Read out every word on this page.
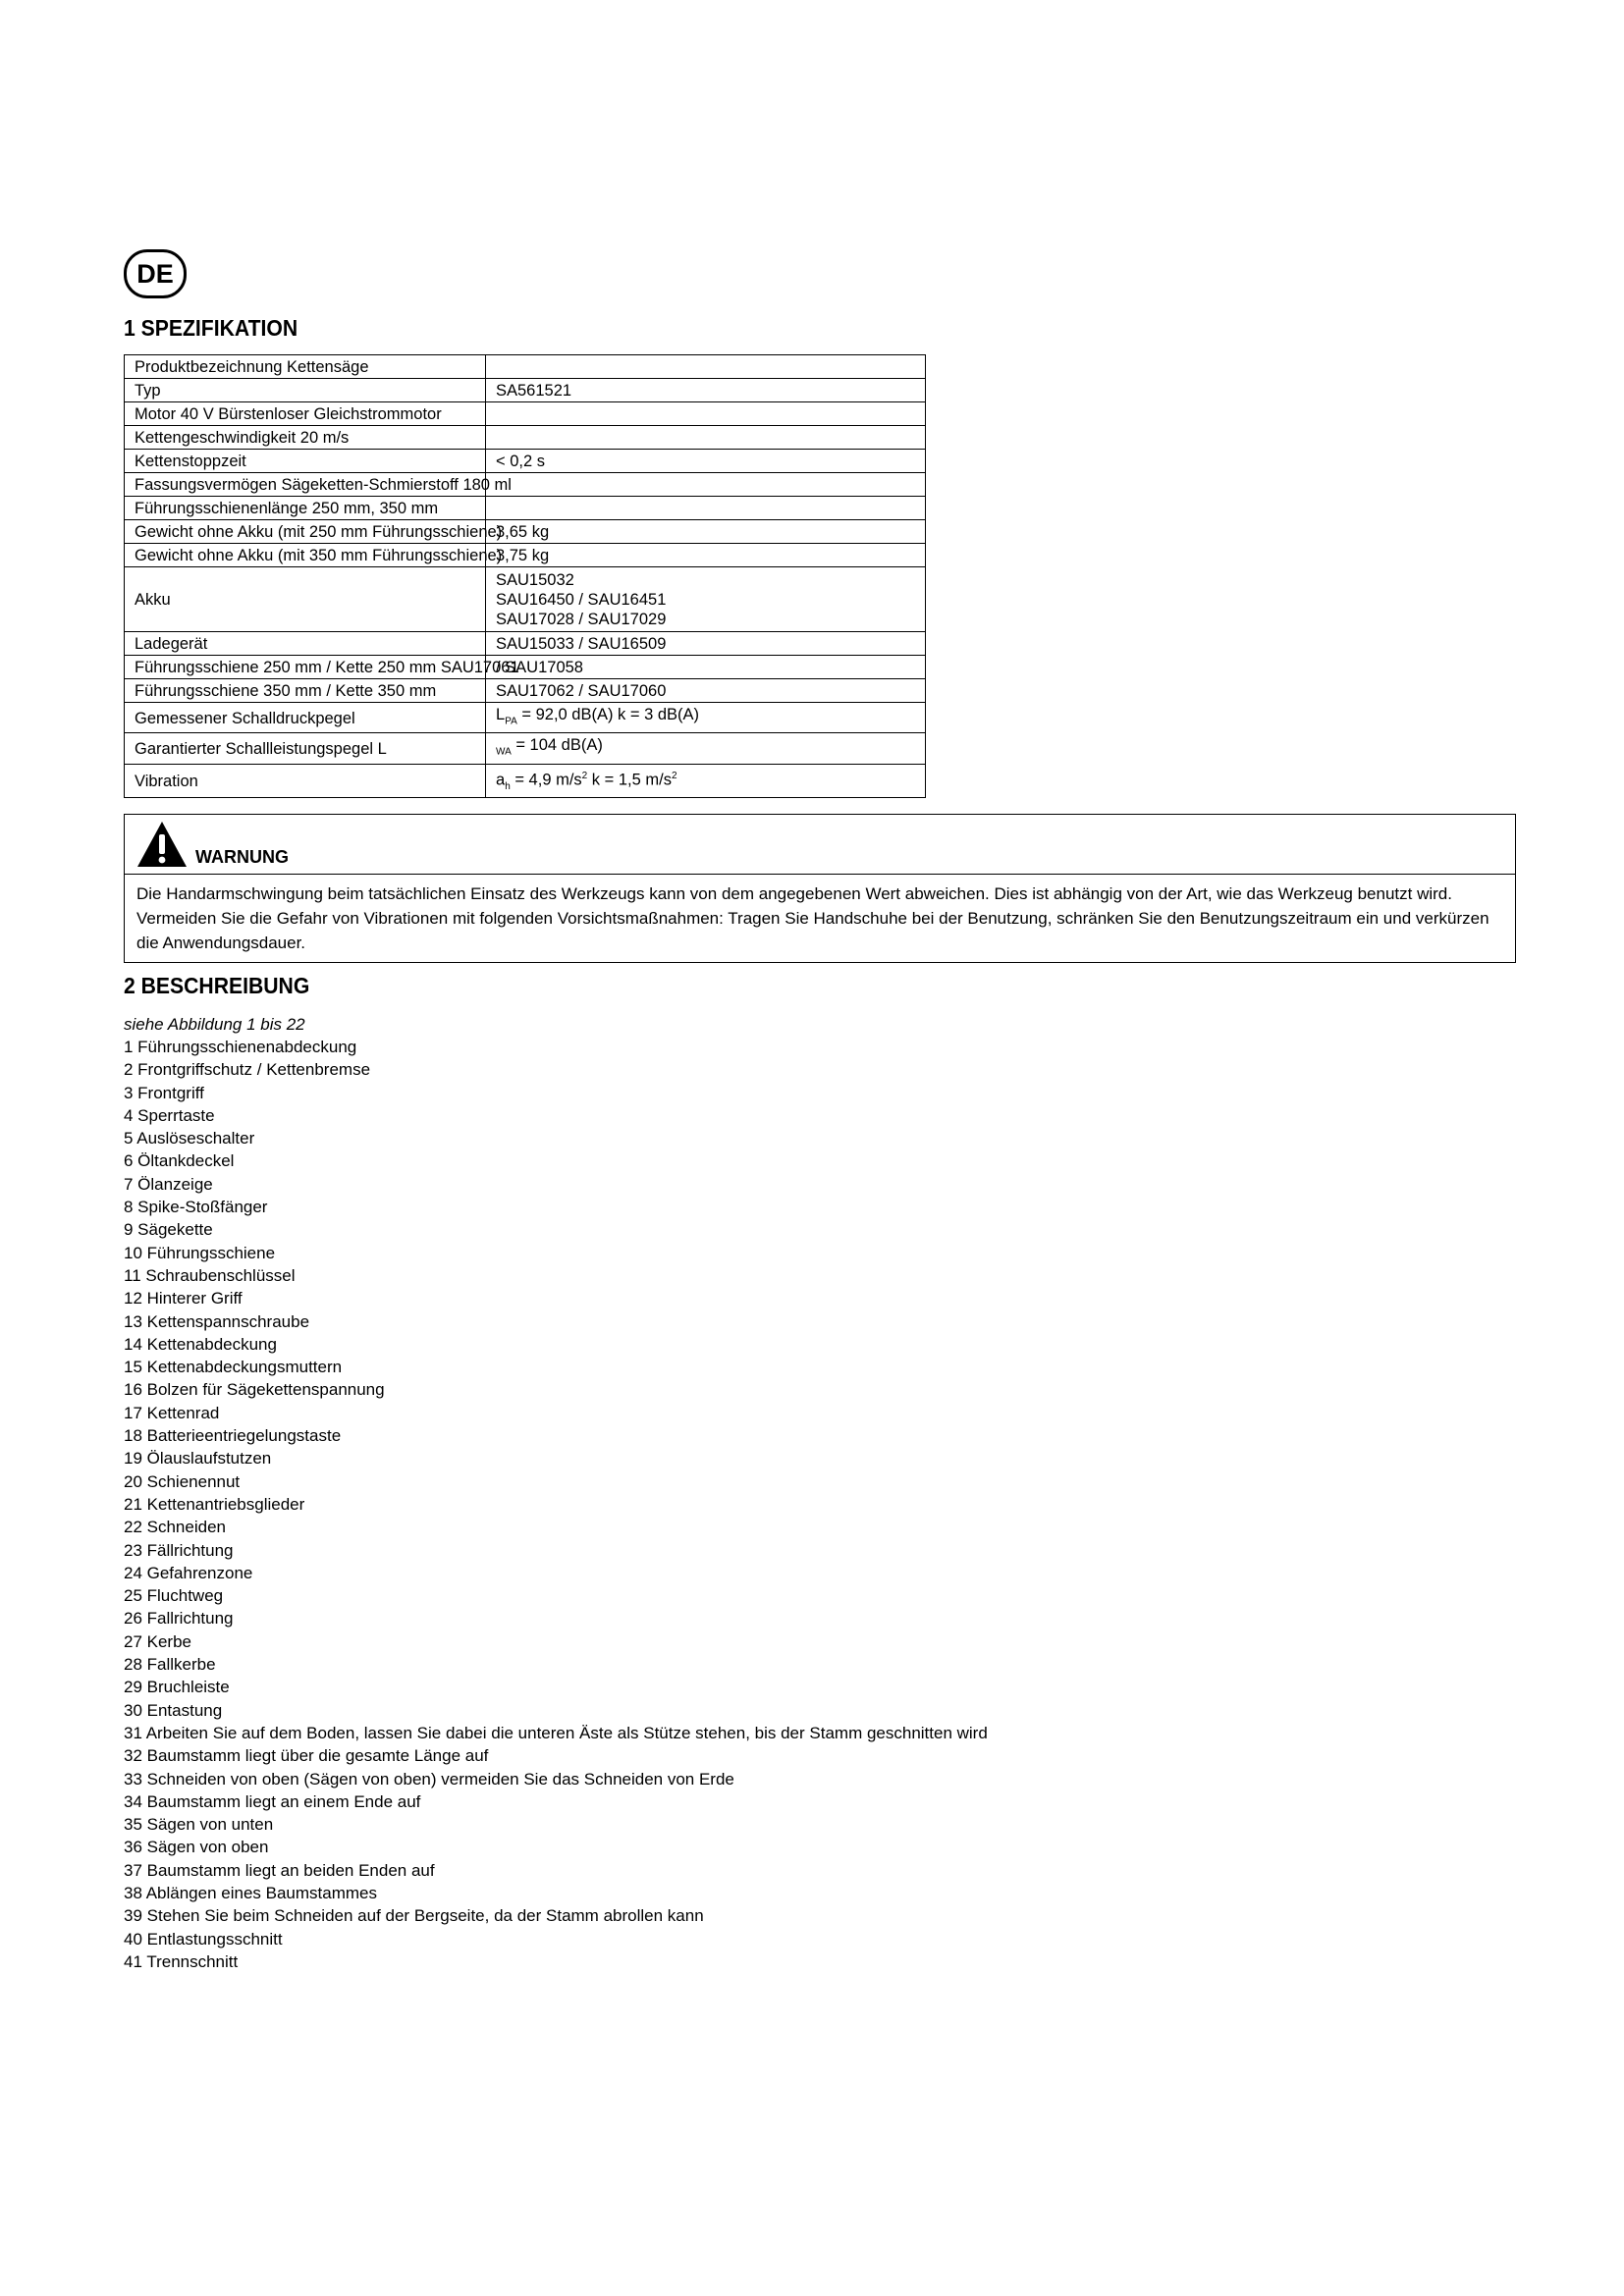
DE
1 SPEZIFIKATION
Produktbezeichnung Kettensäge	
Typ	SA561521
Motor 40 V Bürstenloser Gleichstrommotor	
Kettengeschwindigkeit 20 m/s	
Kettenstoppzeit	< 0,2 s
Fassungsvermögen Sägeketten-Schmierstoff 180 ml	
Führungsschienenlänge 250 mm, 350 mm	
Gewicht ohne Akku (mit 250 mm Führungsschiene)	3,65 kg
Gewicht ohne Akku (mit 350 mm Führungsschiene)	3,75 kg
Akku	SAU15032
SAU16450 / SAU16451
SAU17028 / SAU17029

Ladegerät	SAU15033 / SAU16509
Führungsschiene 250 mm / Kette 250 mm SAU17061	/ SAU17058
Führungsschiene 350 mm / Kette 350 mm	SAU17062 / SAU17060
Gemessener Schalldruckpegel	$L_{PA} = 92,0$ dB(A) k = 3 dB(A)
Garantierter Schallleistungspegel L	$_{WA}$ = 104 dB(A)
Vibration	$a_h = 4,9$ $m/s^2$ k = 1,5 $m/s^2$
WARNUNG
Die Handarmschwingung beim tatsächlichen Einsatz des Werkzeugs kann von dem angegebenen Wert abweichen. Dies ist abhängig von der Art, wie das Werkzeug benutzt wird. Vermeiden Sie die Gefahr von Vibrationen mit folgenden Vorsichtsmaßnahmen: Tragen Sie Handschuhe bei der Benutzung, schränken Sie den Benutzungszeitraum ein und verkürzen die Anwendungsdauer.
2 BESCHREIBUNG
siehe Abbildung 1 bis 22
1 Führungsschienenabdeckung
2 Frontgriffschutz / Kettenbremse
3 Frontgriff
4 Sperrtaste
5 Auslöseschalter
6 Öltankdeckel
7 Ölanzeige
8 Spike-Stoßfänger
9 Sägekette
10 Führungsschiene
11 Schraubenschlüssel
12 Hinterer Griff
13 Kettenspannschraube
14 Kettenabdeckung
15 Kettenabdeckungsmuttern
16 Bolzen für Sägekettenspannung
17 Kettenrad
18 Batterieentriegelungstaste
19 Ölauslaufstutzen
20 Schienennut
21 Kettenantriebsglieder
22 Schneiden
23 Fällrichtung
24 Gefahrenzone
25 Fluchtweg
26 Fallrichtung
27 Kerbe
28 Fallkerbe
29 Bruchleiste
30 Entastung
31 Arbeiten Sie auf dem Boden, lassen Sie dabei die unteren Äste als Stütze stehen, bis der Stamm geschnitten wird
32 Baumstamm liegt über die gesamte Länge auf
33 Schneiden von oben (Sägen von oben) vermeiden Sie das Schneiden von Erde
34 Baumstamm liegt an einem Ende auf
35 Sägen von unten
36 Sägen von oben
37 Baumstamm liegt an beiden Enden auf
38 Ablängen eines Baumstammes
39 Stehen Sie beim Schneiden auf der Bergseite, da der Stamm abrollen kann
40 Entlastungsschnitt
41 Trennschnitt
